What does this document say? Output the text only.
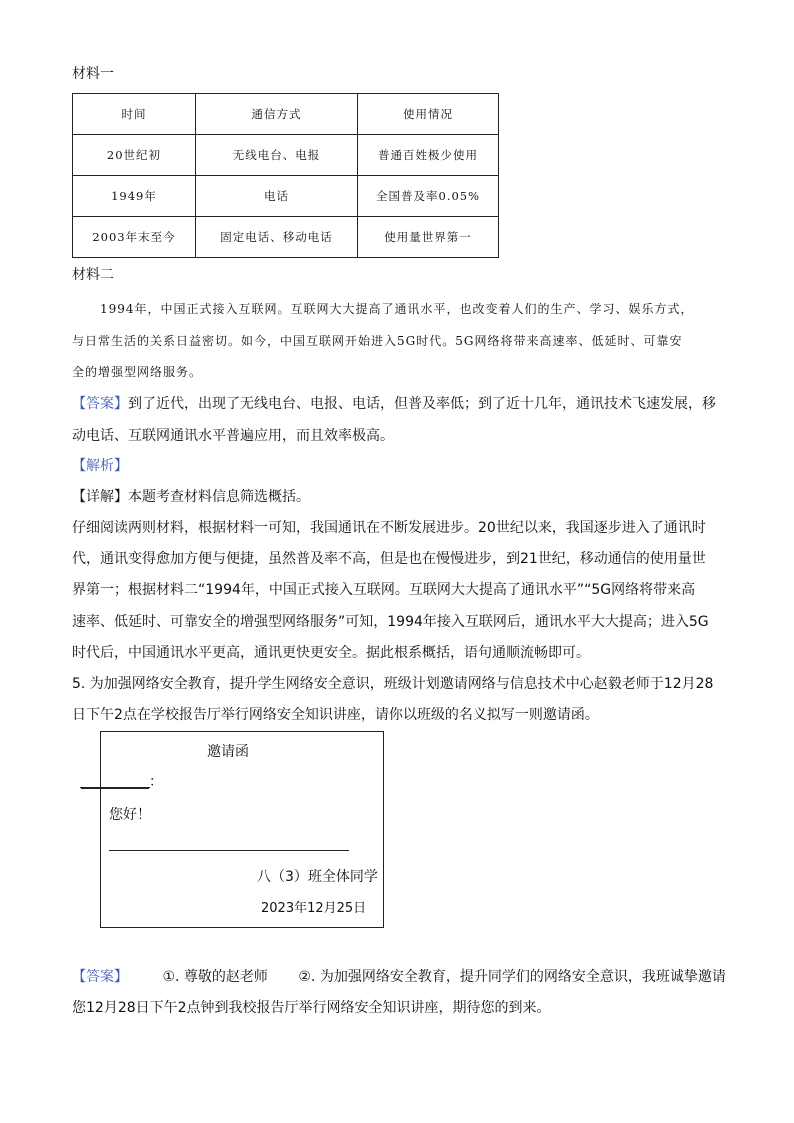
材料一
时间	通信方式	使用情况
20世纪初	无线电台、电报	普通百姓极少使用
1949年	电话	全国普及率0.05%
2003年末至今	固定电话、移动电话	使用量世界第一
材料二
1994年，中国正式接入互联网。互联网大大提高了通讯水平，也改变着人们的生产、学习、娱乐方式，
与日常生活的关系日益密切。如今，中国互联网开始进入5G时代。5G网络将带来高速率、低延时、可靠安
全的增强型网络服务。
【答案】到了近代，出现了无线电台、电报、电话，但普及率低；到了近十几年，通讯技术飞速发展，移
动电话、互联网通讯水平普遍应用，而且效率极高。
【解析】
【详解】本题考查材料信息筛选概括。
仔细阅读两则材料，根据材料一可知，我国通讯在不断发展进步。20世纪以来，我国逐步进入了通讯时
代，通讯变得愈加方便与便捷，虽然普及率不高，但是也在慢慢进步，到21世纪，移动通信的使用量世
界第一；根据材料二“1994年，中国正式接入互联网。互联网大大提高了通讯水平”“5G网络将带来高
速率、低延时、可靠安全的增强型网络服务”可知，1994年接入互联网后，通讯水平大大提高；进入5G
时代后，中国通讯水平更高，通讯更快更安全。据此根系概括，语句通顺流畅即可。
5. 为加强网络安全教育，提升学生网络安全意识，班级计划邀请网络与信息技术中心赵毅老师于12月28
日下午2点在学校报告厅举行网络安全知识讲座，请你以班级的名义拟写一则邀请函。
邀请函
：
您好！
八（3）班全体同学
2023年12月25日
【答案】 ①. 尊敬的赵老师 ②. 为加强网络安全教育，提升同学们的网络安全意识，我班诚挚邀请
您12月28日下午2点钟到我校报告厅举行网络安全知识讲座，期待您的到来。
